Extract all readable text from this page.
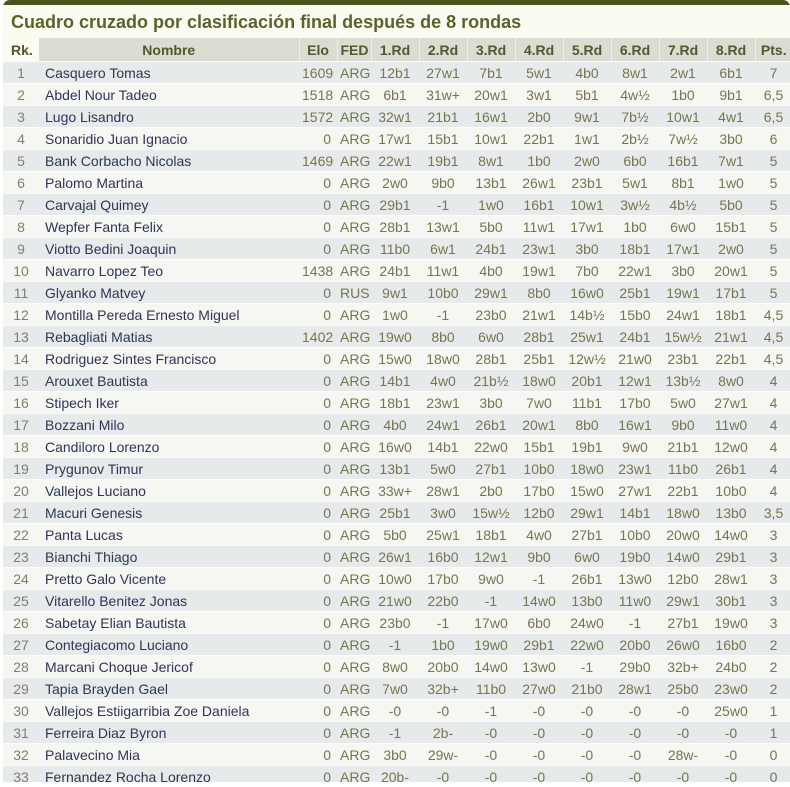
Cuadro cruzado por clasificación final después de 8 rondas
Rk.	Nombre	Elo	FED	1.Rd	2.Rd	3.Rd	4.Rd	5.Rd	6.Rd	7.Rd	8.Rd	Pts.
1	Casquero Tomas	1609	ARG	12b1	27w1	7b1	5w1	4b0	8w1	2w1	6b1	7
2	Abdel Nour Tadeo	1518	ARG	6b1	31w+	20w1	3w1	5b1	4w½	1b0	9b1	6,5
3	Lugo Lisandro	1572	ARG	32w1	21b1	16w1	2b0	9w1	7b½	10w1	4w1	6,5
4	Sonaridio Juan Ignacio	0	ARG	17w1	15b1	10w1	22b1	1w1	2b½	7w½	3b0	6
5	Bank Corbacho Nicolas	1469	ARG	22w1	19b1	8w1	1b0	2w0	6b0	16b1	7w1	5
6	Palomo Martina	0	ARG	2w0	9b0	13b1	26w1	23b1	5w1	8b1	1w0	5
7	Carvajal Quimey	0	ARG	29b1	-1	1w0	16b1	10w1	3w½	4b½	5b0	5
8	Wepfer Fanta Felix	0	ARG	28b1	13w1	5b0	11w1	17w1	1b0	6w0	15b1	5
9	Viotto Bedini Joaquin	0	ARG	11b0	6w1	24b1	23w1	3b0	18b1	17w1	2w0	5
10	Navarro Lopez Teo	1438	ARG	24b1	11w1	4b0	19w1	7b0	22w1	3b0	20w1	5
11	Glyanko Matvey	0	RUS	9w1	10b0	29w1	8b0	16w0	25b1	19w1	17b1	5
12	Montilla Pereda Ernesto Miguel	0	ARG	1w0	-1	23b0	21w1	14b½	15b0	24w1	18b1	4,5
13	Rebagliati Matias	1402	ARG	19w0	8b0	6w0	28b1	25w1	24b1	15w½	21w1	4,5
14	Rodriguez Sintes Francisco	0	ARG	15w0	18w0	28b1	25b1	12w½	21w0	23b1	22b1	4,5
15	Arouxet Bautista	0	ARG	14b1	4w0	21b½	18w0	20b1	12w1	13b½	8w0	4
16	Stipech Iker	0	ARG	18b1	23w1	3b0	7w0	11b1	17b0	5w0	27w1	4
17	Bozzani Milo	0	ARG	4b0	24w1	26b1	20w1	8b0	16w1	9b0	11w0	4
18	Candiloro Lorenzo	0	ARG	16w0	14b1	22w0	15b1	19b1	9w0	21b1	12w0	4
19	Prygunov Timur	0	ARG	13b1	5w0	27b1	10b0	18w0	23w1	11b0	26b1	4
20	Vallejos Luciano	0	ARG	33w+	28w1	2b0	17b0	15w0	27w1	22b1	10b0	4
21	Macuri Genesis	0	ARG	25b1	3w0	15w½	12b0	29w1	14b1	18w0	13b0	3,5
22	Panta Lucas	0	ARG	5b0	25w1	18b1	4w0	27b1	10b0	20w0	14w0	3
23	Bianchi Thiago	0	ARG	26w1	16b0	12w1	9b0	6w0	19b0	14w0	29b1	3
24	Pretto Galo Vicente	0	ARG	10w0	17b0	9w0	-1	26b1	13w0	12b0	28w1	3
25	Vitarello Benitez Jonas	0	ARG	21w0	22b0	-1	14w0	13b0	11w0	29w1	30b1	3
26	Sabetay Elian Bautista	0	ARG	23b0	-1	17w0	6b0	24w0	-1	27b1	19w0	3
27	Contegiacomo Luciano	0	ARG	-1	1b0	19w0	29b1	22w0	20b0	26w0	16b0	2
28	Marcani Choque Jericof	0	ARG	8w0	20b0	14w0	13w0	-1	29b0	32b+	24b0	2
29	Tapia Brayden Gael	0	ARG	7w0	32b+	11b0	27w0	21b0	28w1	25b0	23w0	2
30	Vallejos Estiigarribia Zoe Daniela	0	ARG	-0	-0	-1	-0	-0	-0	-0	25w0	1
31	Ferreira Diaz Byron	0	ARG	-1	2b-	-0	-0	-0	-0	-0	-0	1
32	Palavecino Mia	0	ARG	3b0	29w-	-0	-0	-0	-0	28w-	-0	0
33	Fernandez Rocha Lorenzo	0	ARG	20b-	-0	-0	-0	-0	-0	-0	-0	0
